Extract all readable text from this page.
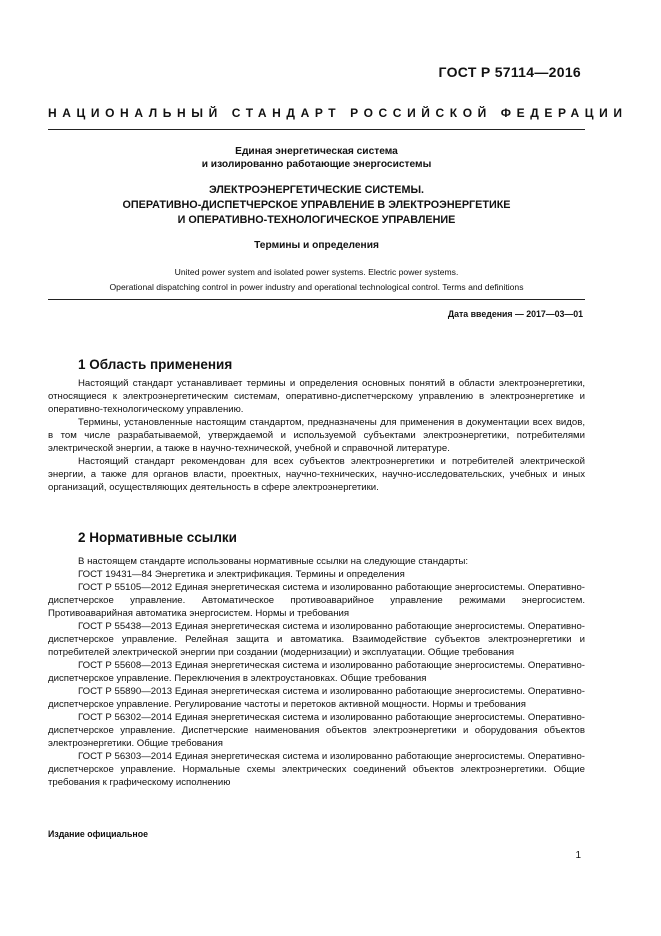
ГОСТ Р 57114—2016
НАЦИОНАЛЬНЫЙ СТАНДАРТ РОССИЙСКОЙ ФЕДЕРАЦИИ
Единая энергетическая система
и изолированно работающие энергосистемы
ЭЛЕКТРОЭНЕРГЕТИЧЕСКИЕ СИСТЕМЫ.
ОПЕРАТИВНО-ДИСПЕТЧЕРСКОЕ УПРАВЛЕНИЕ В ЭЛЕКТРОЭНЕРГЕТИКЕ
И ОПЕРАТИВНО-ТЕХНОЛОГИЧЕСКОЕ УПРАВЛЕНИЕ
Термины и определения
United power system and isolated power systems. Electric power systems.
Operational dispatching control in power industry and operational technological control. Terms and definitions
Дата введения — 2017—03—01
1 Область применения

Настоящий стандарт устанавливает термины и определения основных понятий в области электроэнергетики, относящиеся к электроэнергетическим системам, оперативно-диспетчерскому управлению в электроэнергетике и оперативно-технологическому управлению.

Термины, установленные настоящим стандартом, предназначены для применения в документации всех видов, в том числе разрабатываемой, утверждаемой и используемой субъектами электроэнергетики, потребителями электрической энергии, а также в научно-технической, учебной и справочной литературе.

Настоящий стандарт рекомендован для всех субъектов электроэнергетики и потребителей электрической энергии, а также для органов власти, проектных, научно-технических, научно-исследовательских, учебных и иных организаций, осуществляющих деятельность в сфере электроэнергетики.

2 Нормативные ссылки

В настоящем стандарте использованы нормативные ссылки на следующие стандарты:

ГОСТ 19431—84 Энергетика и электрификация. Термины и определения

ГОСТ Р 55105—2012 Единая энергетическая система и изолированно работающие энергосистемы. Оперативно-диспетчерское управление. Автоматическое противоаварийное управление режимами энергосистем. Противоаварийная автоматика энергосистем. Нормы и требования

ГОСТ Р 55438—2013 Единая энергетическая система и изолированно работающие энергосистемы. Оперативно-диспетчерское управление. Релейная защита и автоматика. Взаимодействие субъектов электроэнергетики и потребителей электрической энергии при создании (модернизации) и эксплуатации. Общие требования

ГОСТ Р 55608—2013 Единая энергетическая система и изолированно работающие энергосистемы. Оперативно-диспетчерское управление. Переключения в электроустановках. Общие требования

ГОСТ Р 55890—2013 Единая энергетическая система и изолированно работающие энергосистемы. Оперативно-диспетчерское управление. Регулирование частоты и перетоков активной мощности. Нормы и требования

ГОСТ Р 56302—2014 Единая энергетическая система и изолированно работающие энергосистемы. Оперативно-диспетчерское управление. Диспетчерские наименования объектов электроэнергетики и оборудования объектов электроэнергетики. Общие требования

ГОСТ Р 56303—2014 Единая энергетическая система и изолированно работающие энергосистемы. Оперативно-диспетчерское управление. Нормальные схемы электрических соединений объектов электроэнергетики. Общие требования к графическому исполнению

Издание официальное
1
